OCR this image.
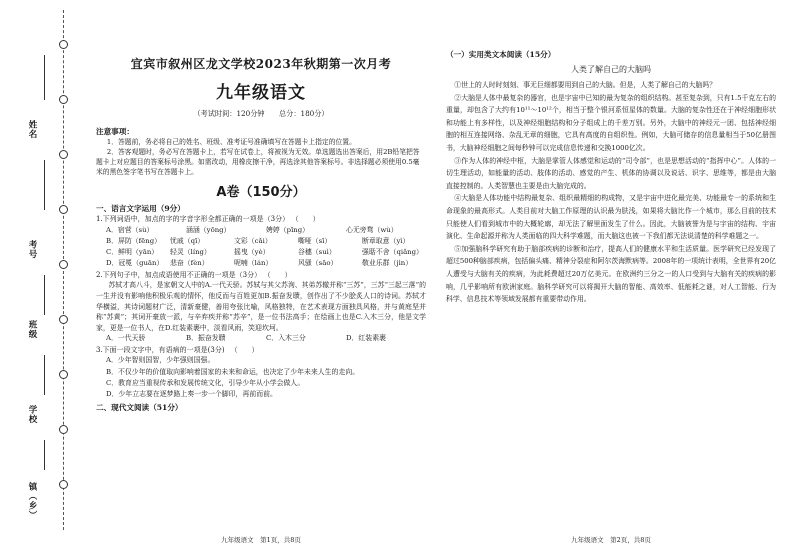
姓名
考号
班级
学校
镇（乡）
宜宾市叙州区龙文学校2023年秋期第一次月考
九年级语文
（考试时间：120分钟　　总分：180分）
注意事项：
1．答题前，务必将自己的姓名、班级、准考证号准确填写在答题卡上指定的位置。
2．答客观题时，务必写在答题卡上，若写在试卷上，将被视为无效。单选题选出答案后，用2B铅笔把答题卡上对应题目的答案标号涂黑。如需改动，用橡皮擦干净，再选涂其他答案标号。非选择题必须使用0.5毫米的黑色签字笔书写在答题卡上。
A卷（150分）
一、语言文字运用（9分）
1.下列词语中，加点的字的字音字形全都正确的一项是（3分） （　　）
A．宿营（sù）	涵涵（yōng）	娉婷（pīng）	心无旁骛（wù）
B．屏防（fēng）	忧戚（qī）	文彩（cǎi）	嘶哑（sī）	断章取意（yì）
C．鲜明（yān）	轻灵（líng）	摇曳（yè）	谷穗（suì）	强聒不舍（qiǎng）
D．冠冕（guān） 悲奋（fèn）	呢喃（lán）	风骚（sāo）	敬业乐群（jìn）
2.下列句子中，加点成语使用不正确的一项是（3分） （　　）
苏轼才高八斗，是家朝文人中的A.一代天骄。苏轼与其父苏洵、其弟苏辙并称“三苏”，三苏“三起三落”的一生并没有影响他积极乐观的情怀，他反而与百姓更加B.振奋发聩，创作出了不少脍炙人口的诗词。苏轼才华横溢，其诗词题材广泛，清新豪健，善用夸张比喻，风格独特，在艺术表现方面独具风格，并与黄庭坚并称“苏黄”；其词开豪放一派，与辛弃疾并称“苏辛”，是一位书法高手；在绘画上也是C.入木三分，他是文学家，更是一位书人，在D.红装素裹中，淡看风雨，笑迎坎坷。
A．一代天骄	B．振奋发聩	C．入木三分	D．红装素裹
3.下面一段文字中，有语病的一项是(3分) （　　）
A．少年智则国智，少年强则国强。
B．不仅少年的价值取向影响着国家的未来和命运，也决定了少年未来人生的走向。
C．教育应当重视传承和发展传统文化，引导少年从小学会做人。
D．少年立志要在逐梦路上奏一步一个脚印，再前而前。
二、现代文阅读（51分）
九年级语文　第1页，共8页
（一）实用类文本阅读（15分）
人类了解自己的大脑吗
①世上的人时时刻刻、事无巨细都要用到自己的大脑。但是，人类了解自己的大脑吗？
②大脑是人体中最复杂的器官，也是宇宙中已知的最为复杂的组织结构。甚至复杂到，只有1.5千克左右的重量，却包含了大约有10¹¹～10¹²个，相当于整个银河系恒星体的数量。大脑的复杂性还在于神经细胞形状和功能上有多样性，以及神经细胞结构和分子组成上的千差万别。另外，大脑中的神经元一团、包括神经细胞的相互连接网络、杂乱无章的细胞，它具有高度的自组织性。例如，大脑可储存的信息量相当于50亿册图书，大脑神经细胞之间每秒钟可以完成信息传递和交换1000亿次。
③作为人体的神经中枢，大脑是掌管人体感觉和运动的“司令部”，也是思想活动的“指挥中心”。人体的一切生理活动，如能量的活动、肢体的活动、感觉的产生、机体的协调以及说话、识字、思维等，都是由大脑直接控制的。人类智慧也主要是由大脑完成的。
④大脑是人体功能中结构最复杂、组织最精细的构成物，又是宇宙中进化最完美、功能最专一的系统和生命现象的最高形式。人类目前对大脑工作原理的认识最为肤浅，如果将大脑比作一个城市，那么目前的技术只能使人们看到城市中的大概轮廓，却无法了解里面发生了什么。因此，大脑被誉为是与宇宙的结构、宇宙演化、生命起源并称为人类面临的四大科学难题，而大脑这也被一下我们都无法说清楚的科学难题之一。
⑤加强脑科学研究有助于脑部疾病的诊断和治疗，提高人们的健康水平和生活质量。医学研究已经发现了超过500种脑部疾病，包括偏头痛、精神分裂症和阿尔茨海默病等。2008年的一项统计表明，全世界有20亿人遭受与大脑有关的疾病，为此耗费超过20万亿美元。在欧洲约三分之一的人口受到与大脑有关的疾病的影响，几乎影响所有欧洲家庭。脑科学研究可以将揭开大脑的智能、高效率、低能耗之谜，对人工智能、行为科学、信息技术等领域发展都有重要带动作用。
九年级语文　第2页，共8页
